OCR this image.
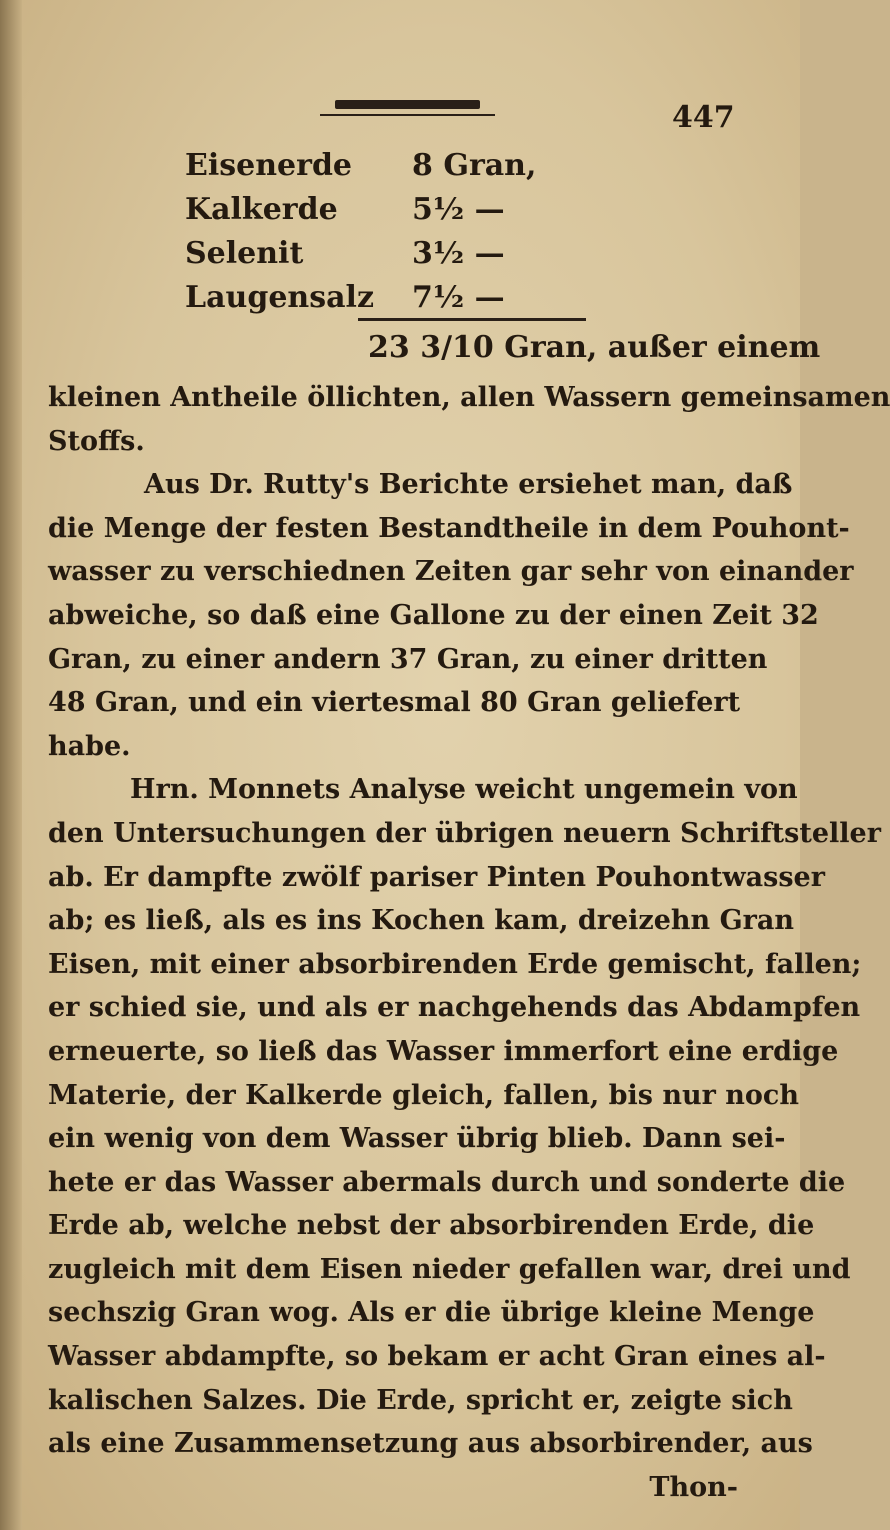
447
Eisenerde 8 Gran,
Kalkerde 5½ —
Selenit	3½ —
Laugensalz 7½ —
23 3/10 Gran, außer einem
kleinen Antheile öllichten, allen Wassern gemeinsamen
Stoffs.
Aus Dr. Rutty's Berichte ersiehet man, daß
die Menge der festen Bestandtheile in dem Pouhont-
wasser zu verschiednen Zeiten gar sehr von einander
abweiche, so daß eine Gallone zu der einen Zeit 32
Gran, zu einer andern 37 Gran, zu einer dritten
48 Gran, und ein viertesmal 80 Gran geliefert
habe.
Hrn. Monnets Analyse weicht ungemein von
den Untersuchungen der übrigen neuern Schriftsteller
ab. Er dampfte zwölf pariser Pinten Pouhontwasser
ab; es ließ, als es ins Kochen kam, dreizehn Gran
Eisen, mit einer absorbirenden Erde gemischt, fallen;
er schied sie, und als er nachgehends das Abdampfen
erneuerte, so ließ das Wasser immerfort eine erdige
Materie, der Kalkerde gleich, fallen, bis nur noch
ein wenig von dem Wasser übrig blieb. Dann sei-
hete er das Wasser abermals durch und sonderte die
Erde ab, welche nebst der absorbirenden Erde, die
zugleich mit dem Eisen nieder gefallen war, drei und
sechszig Gran wog. Als er die übrige kleine Menge
Wasser abdampfte, so bekam er acht Gran eines al-
kalischen Salzes. Die Erde, spricht er, zeigte sich
als eine Zusammensetzung aus absorbirender, aus
Thon-
